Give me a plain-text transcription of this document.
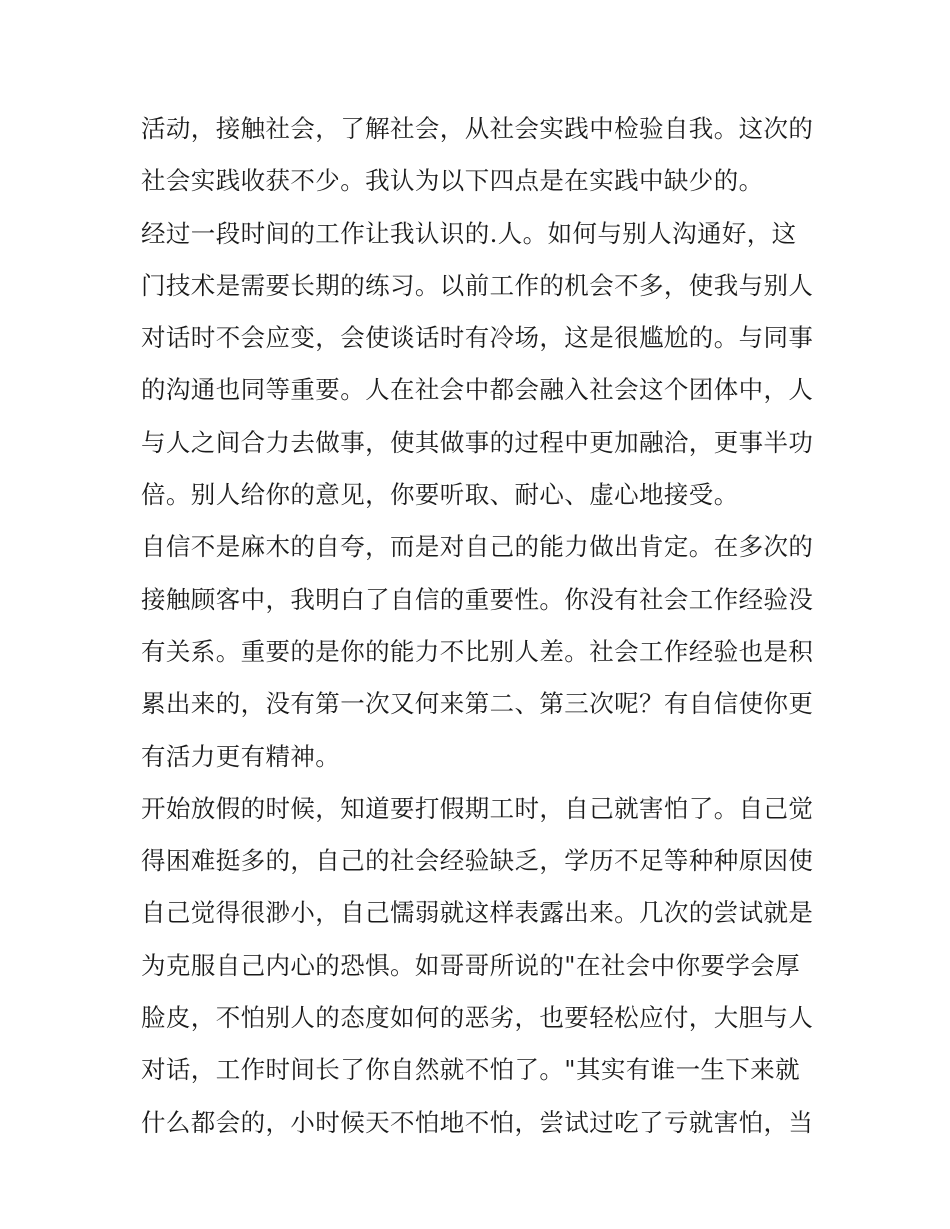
活动，接触社会，了解社会，从社会实践中检验自我。这次的
社会实践收获不少。我认为以下四点是在实践中缺少的。
经过一段时间的工作让我认识的.人。如何与别人沟通好，这
门技术是需要长期的练习。以前工作的机会不多，使我与别人
对话时不会应变，会使谈话时有冷场，这是很尴尬的。与同事
的沟通也同等重要。人在社会中都会融入社会这个团体中，人
与人之间合力去做事，使其做事的过程中更加融洽，更事半功
倍。别人给你的意见，你要听取、耐心、虚心地接受。
自信不是麻木的自夸，而是对自己的能力做出肯定。在多次的
接触顾客中，我明白了自信的重要性。你没有社会工作经验没
有关系。重要的是你的能力不比别人差。社会工作经验也是积
累出来的，没有第一次又何来第二、第三次呢？有自信使你更
有活力更有精神。
开始放假的时候，知道要打假期工时，自己就害怕了。自己觉
得困难挺多的，自己的社会经验缺乏，学历不足等种种原因使
自己觉得很渺小，自己懦弱就这样表露出来。几次的尝试就是
为克服自己内心的恐惧。如哥哥所说的"在社会中你要学会厚
脸皮，不怕别人的态度如何的恶劣，也要轻松应付，大胆与人
对话，工作时间长了你自然就不怕了。"其实有谁一生下来就
什么都会的，小时候天不怕地不怕，尝试过吃了亏就害怕，当
